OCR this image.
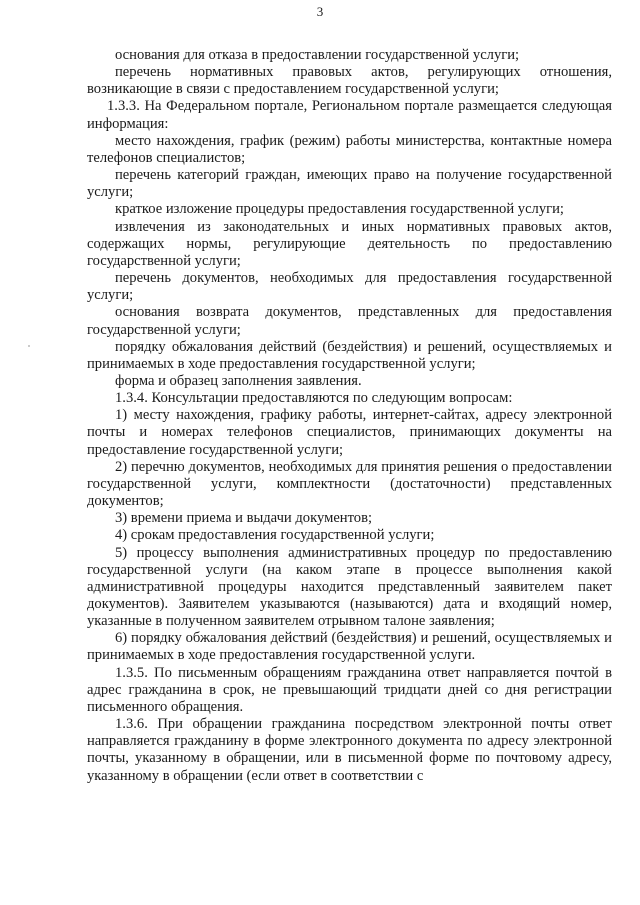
3

основания для отказа в предоставлении государственной услуги;

перечень нормативных правовых актов, регулирующих отношения, возникающие в связи с предоставлением государственной услуги;

1.3.3. На Федеральном портале, Региональном портале размещается следующая информация:

место нахождения, график (режим) работы министерства, контактные номера телефонов специалистов;

перечень категорий граждан, имеющих право на получение государственной услуги;

краткое изложение процедуры предоставления государственной услуги;

извлечения из законодательных и иных нормативных правовых актов, содержащих нормы, регулирующие деятельность по предоставлению государственной услуги;

перечень документов, необходимых для предоставления государственной услуги;

основания возврата документов, представленных для предоставления государственной услуги;

порядку обжалования действий (бездействия) и решений, осуществляемых и принимаемых в ходе предоставления государственной услуги;

форма и образец заполнения заявления.

1.3.4. Консультации предоставляются по следующим вопросам:

1) месту нахождения, графику работы, интернет-сайтах, адресу электронной почты и номерах телефонов специалистов, принимающих документы на предоставление государственной услуги;

2) перечню документов, необходимых для принятия решения о предоставлении государственной услуги, комплектности (достаточности) представленных документов;

3) времени приема и выдачи документов;

4) срокам предоставления государственной услуги;

5) процессу выполнения административных процедур по предоставлению государственной услуги (на каком этапе в процессе выполнения какой административной процедуры находится представленный заявителем пакет документов). Заявителем указываются (называются) дата и входящий номер, указанные в полученном заявителем отрывном талоне заявления;

6) порядку обжалования действий (бездействия) и решений, осуществляемых и принимаемых в ходе предоставления государственной услуги.

1.3.5. По письменным обращениям гражданина ответ направляется почтой в адрес гражданина в срок, не превышающий тридцати дней со дня регистрации письменного обращения.

1.3.6. При обращении гражданина посредством электронной почты ответ направляется гражданину в форме электронного документа по адресу электронной почты, указанному в обращении, или в письменной форме по почтовому адресу, указанному в обращении (если ответ в соответствии с
